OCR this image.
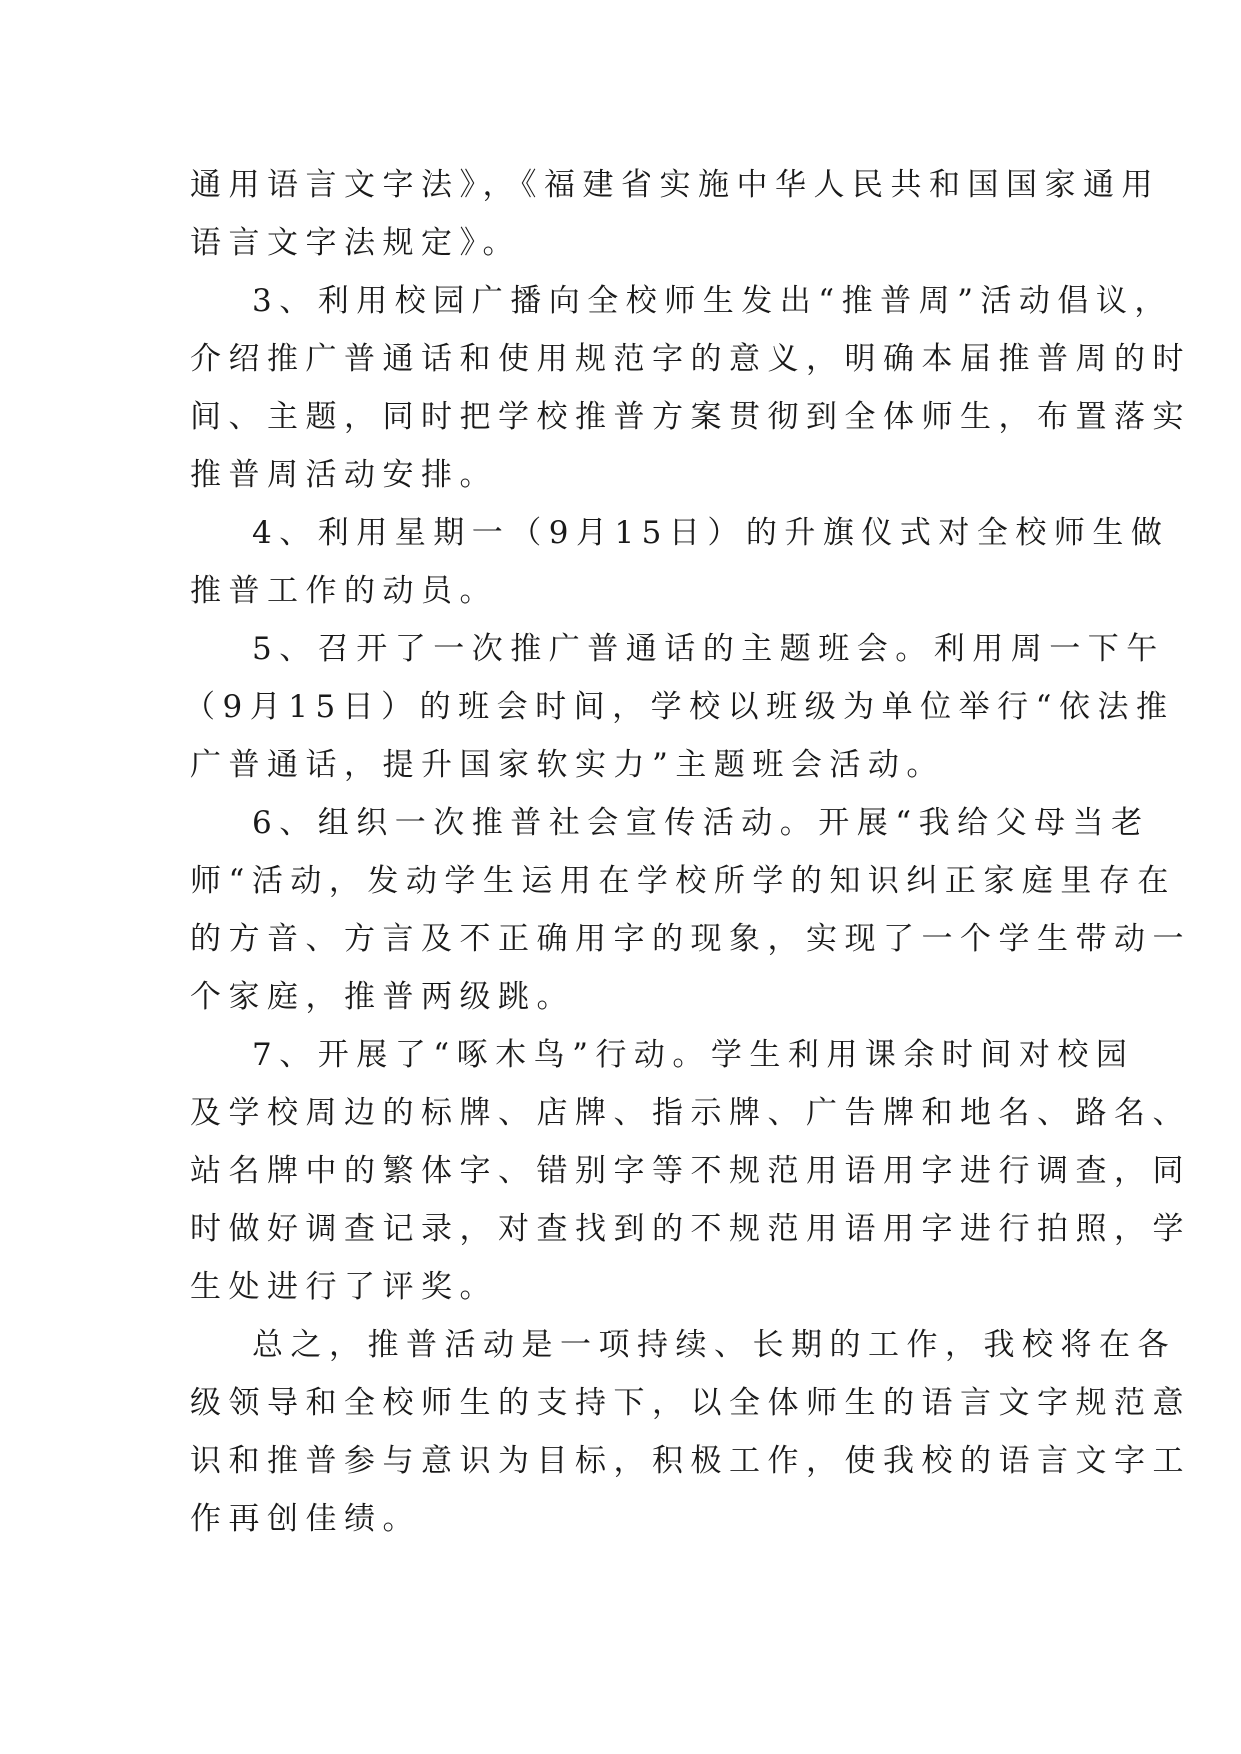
通用语言文字法》，《福建省实施中华人民共和国国家通用
语言文字法规定》。
3、利用校园广播向全校师生发出“推普周”活动倡议，
介绍推广普通话和使用规范字的意义，明确本届推普周的时
间、主题，同时把学校推普方案贯彻到全体师生，布置落实
推普周活动安排。
4、利用星期一（9月15日）的升旗仪式对全校师生做
推普工作的动员。
5、召开了一次推广普通话的主题班会。利用周一下午
（9月15日）的班会时间，学校以班级为单位举行“依法推
广普通话，提升国家软实力”主题班会活动。
6、组织一次推普社会宣传活动。开展“我给父母当老
师“活动，发动学生运用在学校所学的知识纠正家庭里存在
的方音、方言及不正确用字的现象，实现了一个学生带动一
个家庭，推普两级跳。
7、开展了“啄木鸟”行动。学生利用课余时间对校园
及学校周边的标牌、店牌、指示牌、广告牌和地名、路名、
站名牌中的繁体字、错别字等不规范用语用字进行调查，同
时做好调查记录，对查找到的不规范用语用字进行拍照，学
生处进行了评奖。
总之，推普活动是一项持续、长期的工作，我校将在各
级领导和全校师生的支持下，以全体师生的语言文字规范意
识和推普参与意识为目标，积极工作，使我校的语言文字工
作再创佳绩。
